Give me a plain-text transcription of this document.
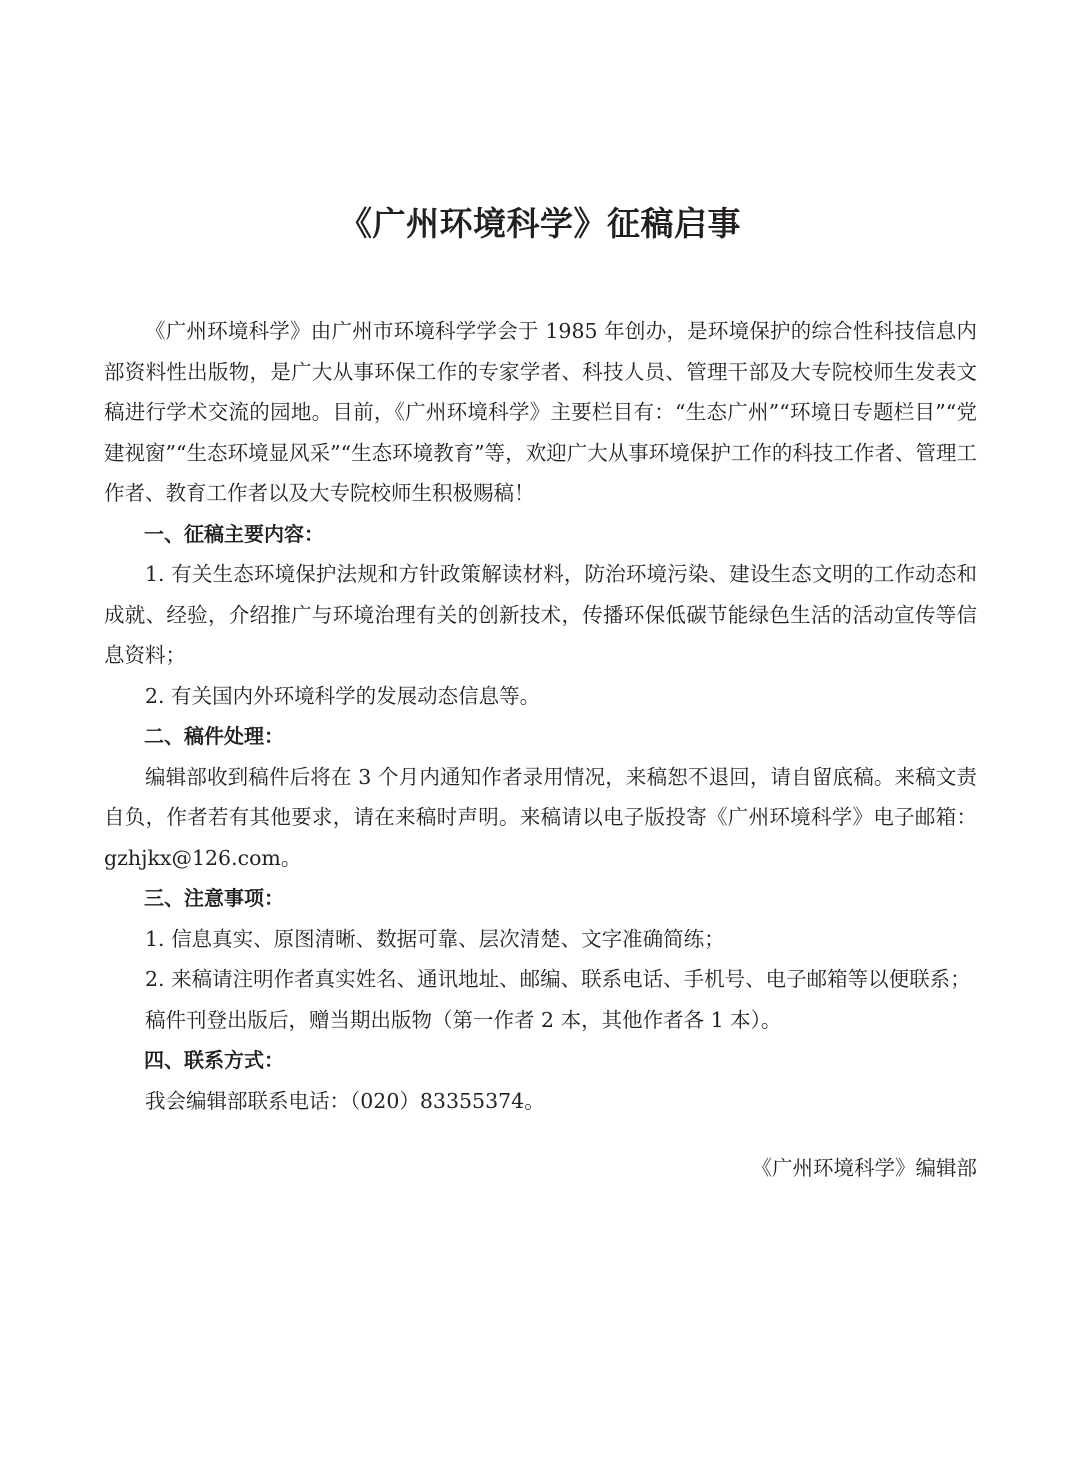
《广州环境科学》征稿启事

《广州环境科学》由广州市环境科学学会于 1985 年创办，是环境保护的综合性科技信息内部资料性出版物，是广大从事环保工作的专家学者、科技人员、管理干部及大专院校师生发表文稿进行学术交流的园地。目前，《广州环境科学》主要栏目有：“生态广州”“环境日专题栏目”“党建视窗”“生态环境显风采”“生态环境教育”等，欢迎广大从事环境保护工作的科技工作者、管理工作者、教育工作者以及大专院校师生积极赐稿！

一、征稿主要内容：

1. 有关生态环境保护法规和方针政策解读材料，防治环境污染、建设生态文明的工作动态和成就、经验，介绍推广与环境治理有关的创新技术，传播环保低碳节能绿色生活的活动宣传等信息资料；

2. 有关国内外环境科学的发展动态信息等。

二、稿件处理：

编辑部收到稿件后将在 3 个月内通知作者录用情况，来稿恕不退回，请自留底稿。来稿文责自负，作者若有其他要求，请在来稿时声明。来稿请以电子版投寄《广州环境科学》电子邮箱：gzhjkx@126.com。

三、注意事项：

1. 信息真实、原图清晰、数据可靠、层次清楚、文字准确简练；

2. 来稿请注明作者真实姓名、通讯地址、邮编、联系电话、手机号、电子邮箱等以便联系；

稿件刊登出版后，赠当期出版物（第一作者 2 本，其他作者各 1 本）。

四、联系方式：

我会编辑部联系电话：（020）83355374。

《广州环境科学》编辑部
